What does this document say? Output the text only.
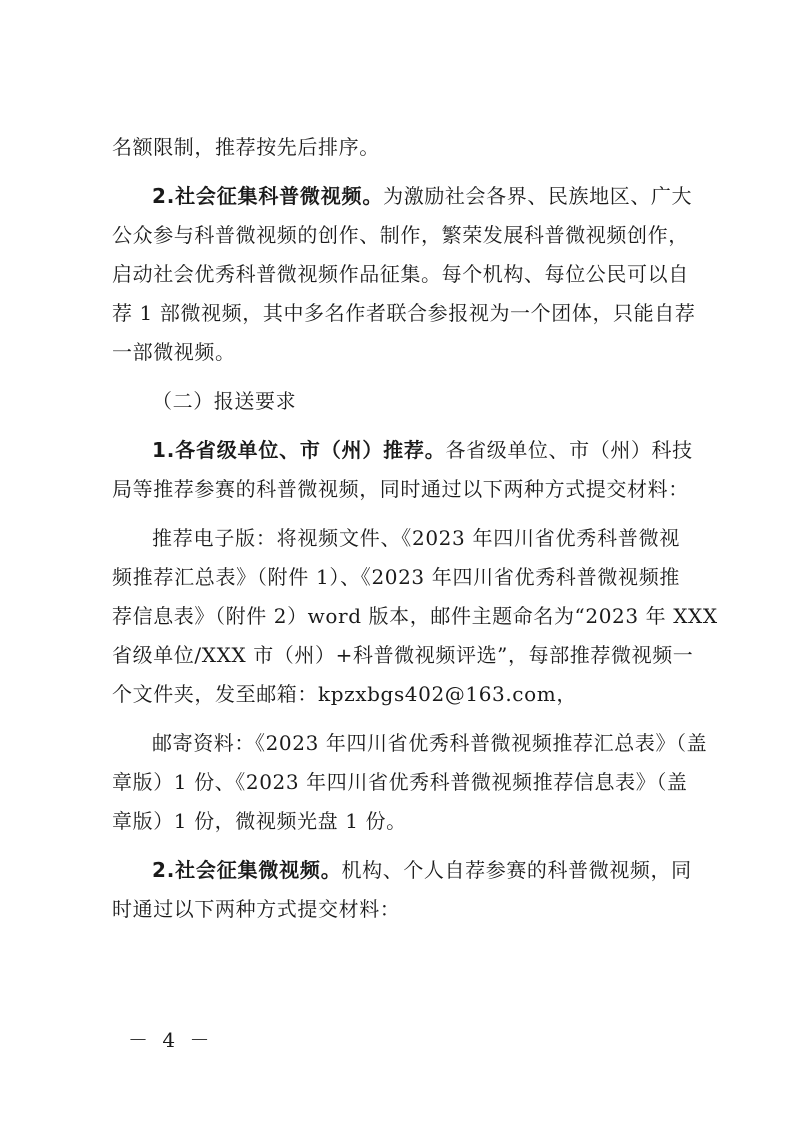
名额限制，推荐按先后排序。
2.社会征集科普微视频。为激励社会各界、民族地区、广大
公众参与科普微视频的创作、制作，繁荣发展科普微视频创作，
启动社会优秀科普微视频作品征集。每个机构、每位公民可以自
荐 1 部微视频，其中多名作者联合参报视为一个团体，只能自荐
一部微视频。
（二）报送要求
1.各省级单位、市（州）推荐。各省级单位、市（州）科技
局等推荐参赛的科普微视频，同时通过以下两种方式提交材料：
推荐电子版：将视频文件、《2023 年四川省优秀科普微视
频推荐汇总表》（附件 1）、《2023 年四川省优秀科普微视频推
荐信息表》（附件 2）word 版本，邮件主题命名为“2023 年 XXX
省级单位/XXX 市（州）+科普微视频评选”，每部推荐微视频一
个文件夹，发至邮箱：kpzxbgs402@163.com，
邮寄资料：《2023 年四川省优秀科普微视频推荐汇总表》（盖
章版）1 份、《2023 年四川省优秀科普微视频推荐信息表》（盖
章版）1 份，微视频光盘 1 份。
2.社会征集微视频。机构、个人自荐参赛的科普微视频，同
时通过以下两种方式提交材料：
－ 4 －
